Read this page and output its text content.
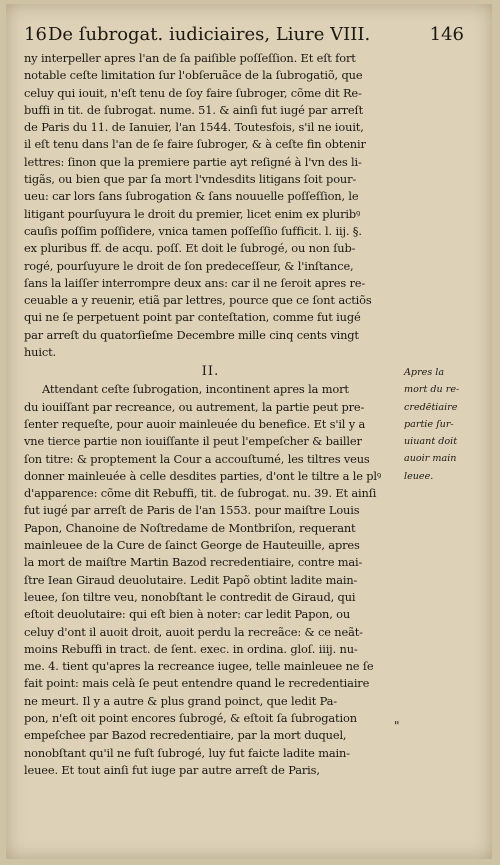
16 De ſubrogat. iudiciaires, Liure VIII.	146
ny interpeller apres l'an de ſa paiſible poſſeſſion. Et eſt fort
notable ceſte limitation ſur l'obſeruãce de la ſubrogatiõ, que
celuy qui iouit, n'eſt tenu de ſoy faire ſubroger, cõme dit Re-
buffi in tit. de ſubrogat. nume. 51. & ainſi fut iugé par arreſt
de Paris du 11. de Ianuier, l'an 1544. Toutesfois, s'il ne iouit,
il eſt tenu dans l'an de ſe faire ſubroger, & à ceſte fin obtenir
lettres: ſinon que la premiere partie ayt reſigné à l'vn des li-
tigãs, ou bien que par ſa mort l'vndesdits litigans ſoit pour-
ueu: car lors ſans ſubrogation & ſans nouuelle poſſeſſion, le
litigant pourſuyura le droit du premier, licet enim ex pluribꝰ
cauſis poſſim poſſidere, vnica tamen poſſeſſio ſufficit. l. iij. §.
ex pluribus ff. de acqu. poſſ. Et doit le ſubrogé, ou non ſub-
rogé, pourſuyure le droit de ſon predeceſſeur, & l'inſtance,
ſans la laiſſer interrompre deux ans: car il ne ſeroit apres re-
ceuable a y reuenir, etiã par lettres, pource que ce ſont actiõs
qui ne ſe perpetuent point par conteſtation, comme fut iugé
par arreſt du quatorſieſme Decembre mille cinq cents vingt
huict.
II.
Attendant ceſte ſubrogation, incontinent apres la mort
du iouiſſant par recreance, ou autrement, la partie peut pre-
ſenter requeſte, pour auoir mainleuée du benefice. Et s'il y a
vne tierce partie non iouiſſante il peut l'empeſcher & bailler
ſon titre: & proptement la Cour a accouſtumé, les tiltres veus
donner mainleuée à celle desdites parties, d'ont le tiltre a le plꝰ
d'apparence: cõme dit Rebuffi, tit. de ſubrogat. nu. 39. Et ainſi
fut iugé par arreſt de Paris de l'an 1553. pour maiſtre Louis
Papon, Chanoine de Noſtredame de Montbriſon, requerant
mainleuee de la Cure de ſainct George de Hauteuille, apres
la mort de maiſtre Martin Bazod recredentiaire, contre mai-
ſtre Iean Giraud deuolutaire. Ledit Papõ obtint ladite main-
leuee, ſon tiltre veu, nonobſtant le contredit de Giraud, qui
eſtoit deuolutaire: qui eſt bien à noter: car ledit Papon, ou
celuy d'ont il auoit droit, auoit perdu la recreãce: & ce neãt-
moins Rebuffi in tract. de ſent. exec. in ordina. gloſ. iiij. nu-
me. 4. tient qu'apres la recreance iugee, telle mainleuee ne ſe
fait point: mais celà ſe peut entendre quand le recredentiaire
ne meurt. Il y a autre & plus grand poinct, que ledit Pa-
pon, n'eſt oit point encores ſubrogé, & eſtoit ſa ſubrogation
empeſchee par Bazod recredentiaire, par la mort duquel,
nonobſtant qu'il ne fuſt ſubrogé, luy fut faicte ladite main-
leuee. Et tout ainſi fut iuge par autre arreſt de Paris,
Apres la
mort du re-
credētiaire
partie ſur-
uiuant doit
auoir main
leuee.
"
